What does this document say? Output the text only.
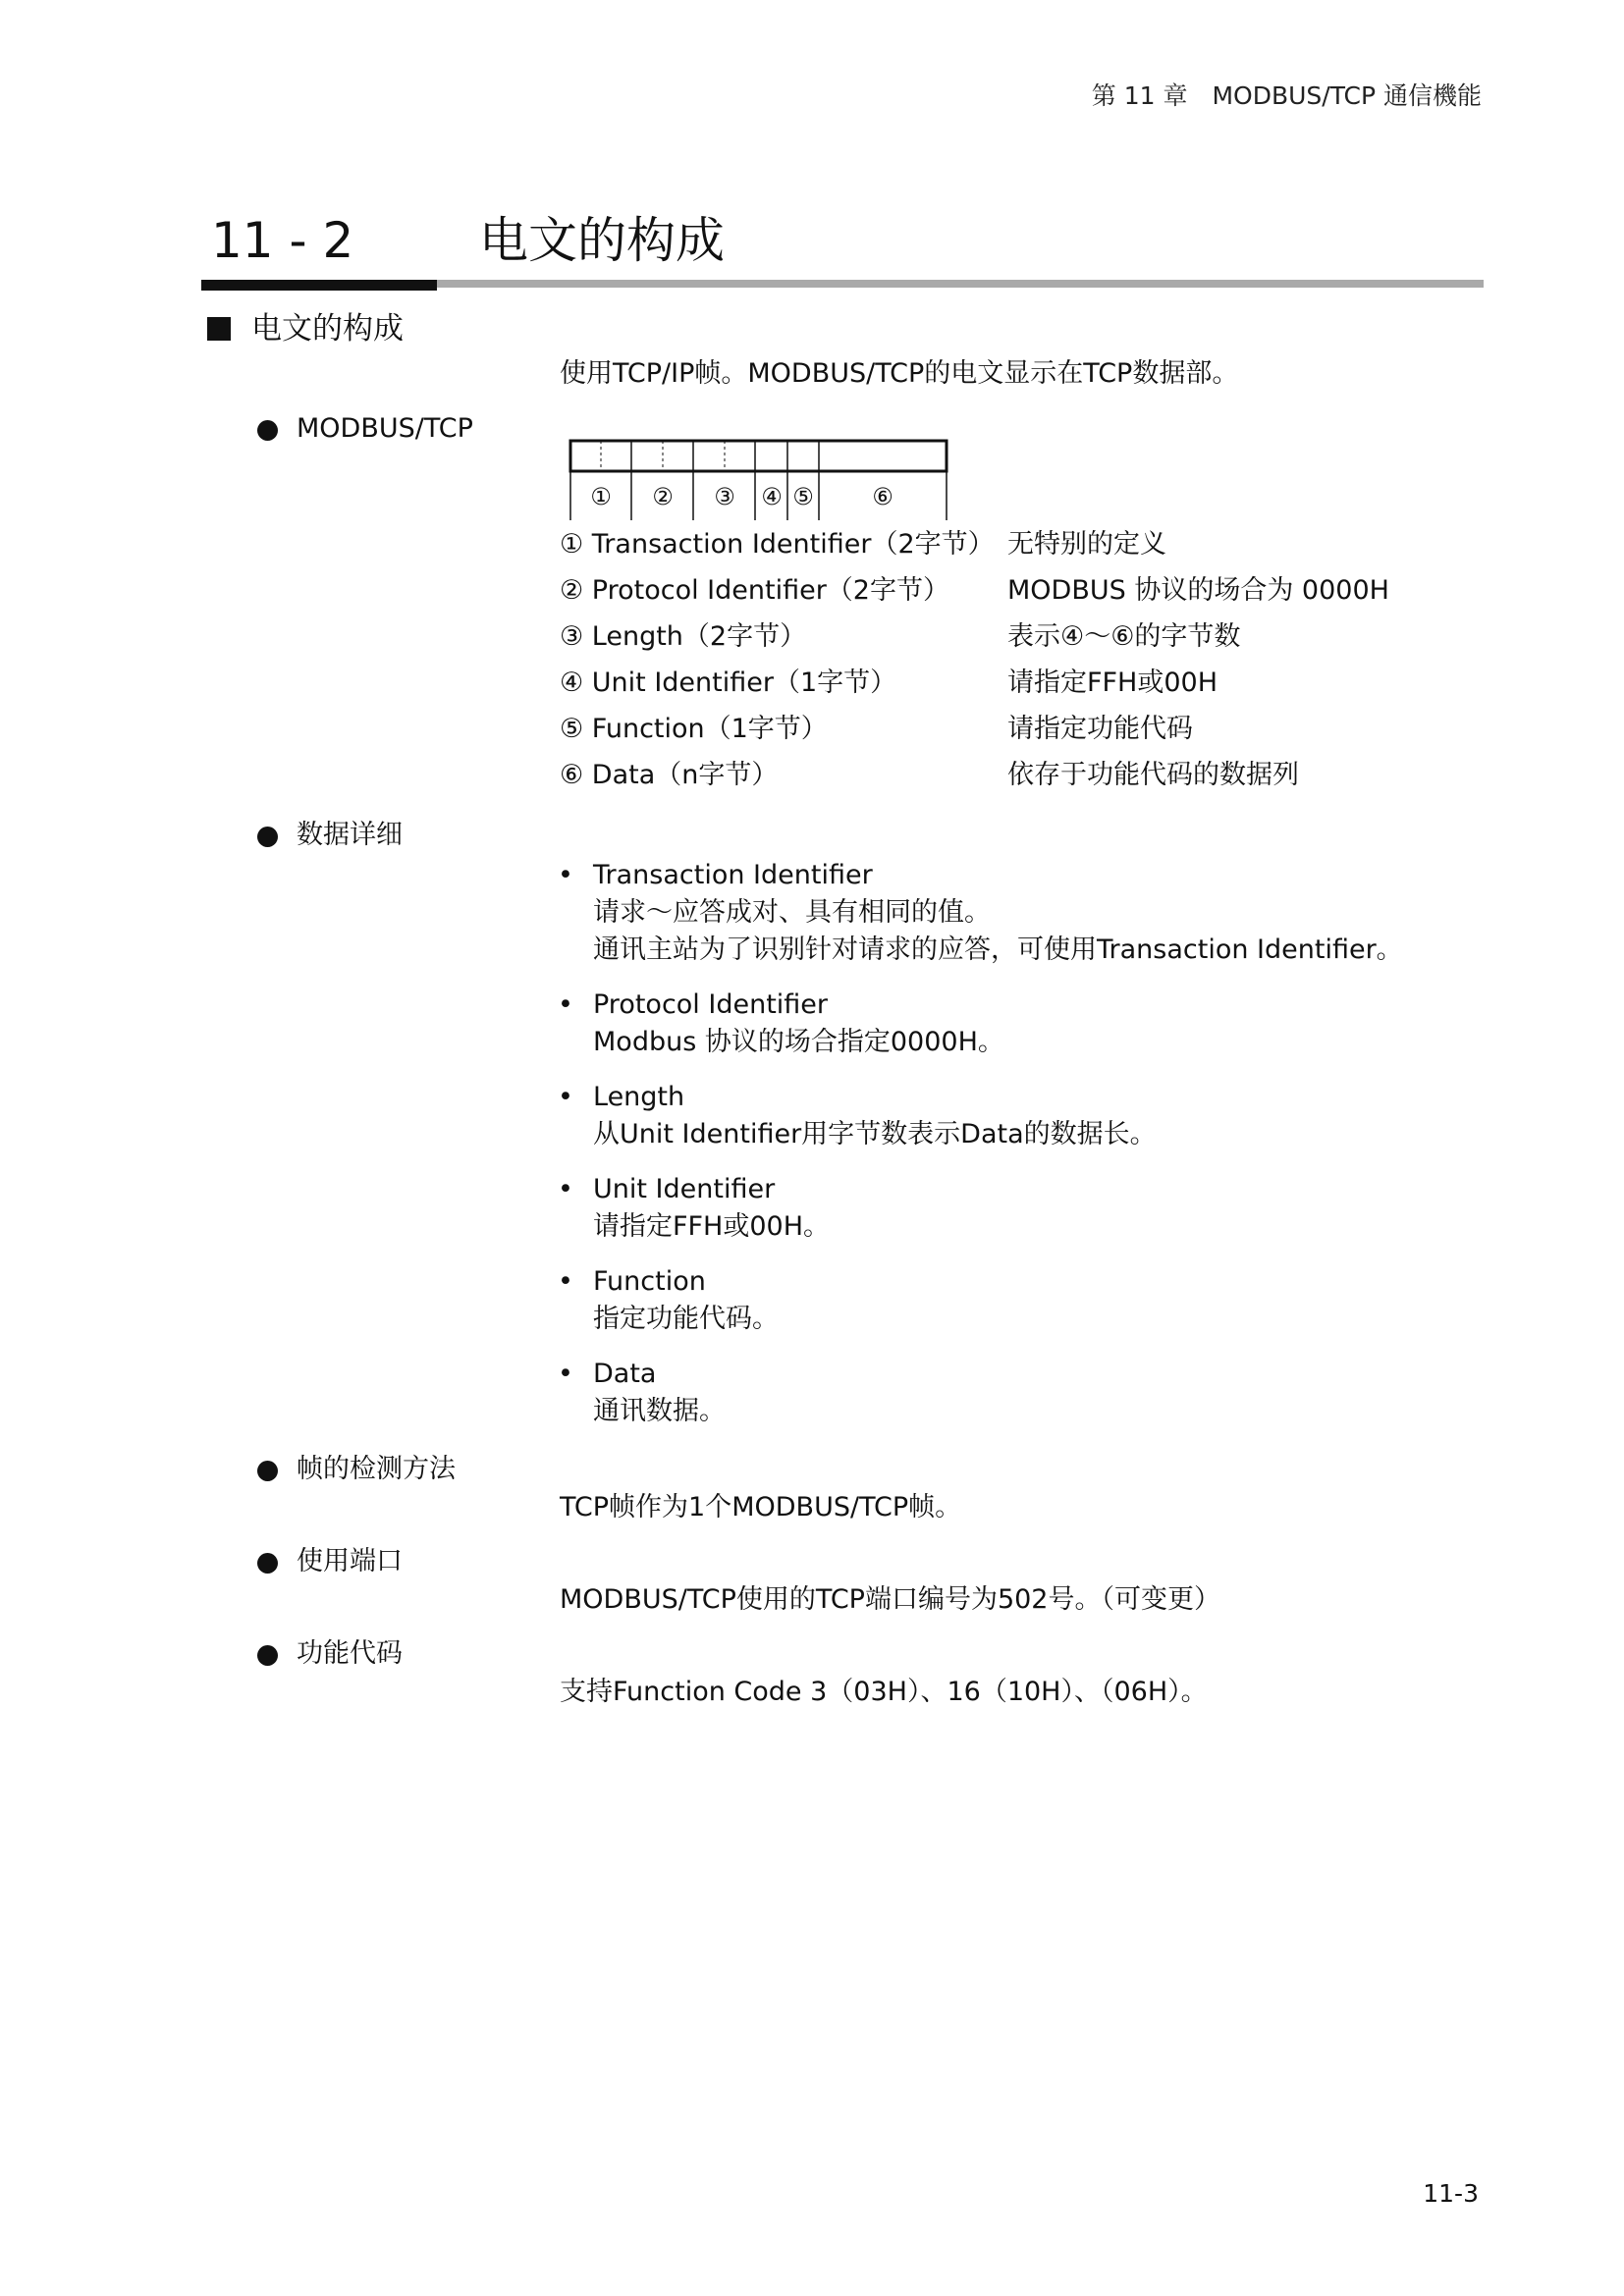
第 11 章　MODBUS/TCP 通信機能
11 - 2	电文的构成
电文的构成
使用TCP/IP帧。MODBUS/TCP的电文显示在TCP数据部。
MODBUS/TCP
① ② ③ ④ ⑤ ⑥
① Transaction Identifier（2字节） 无特别的定义
② Protocol Identifier（2字节） MODBUS 协议的场合为 0000H
③ Length（2字节）	表示④～⑥的字节数
④ Unit Identifier（1字节）	请指定FFH或00H
⑤ Function（1字节）	请指定功能代码
⑥ Data（n字节）	依存于功能代码的数据列
数据详细
• Transaction Identifier
请求～应答成对、具有相同的值。
通讯主站为了识别针对请求的应答，可使用Transaction Identifier。
• Protocol Identifier
Modbus 协议的场合指定0000H。
• Length
从Unit Identifier用字节数表示Data的数据长。
• Unit Identifier
请指定FFH或00H。
• Function
指定功能代码。
• Data
通讯数据。
帧的检测方法
TCP帧作为1个MODBUS/TCP帧。
使用端口
MODBUS/TCP使用的TCP端口编号为502号。（可变更）
功能代码
支持Function Code 3（03H）、16（10H）、（06H）。
11-3
